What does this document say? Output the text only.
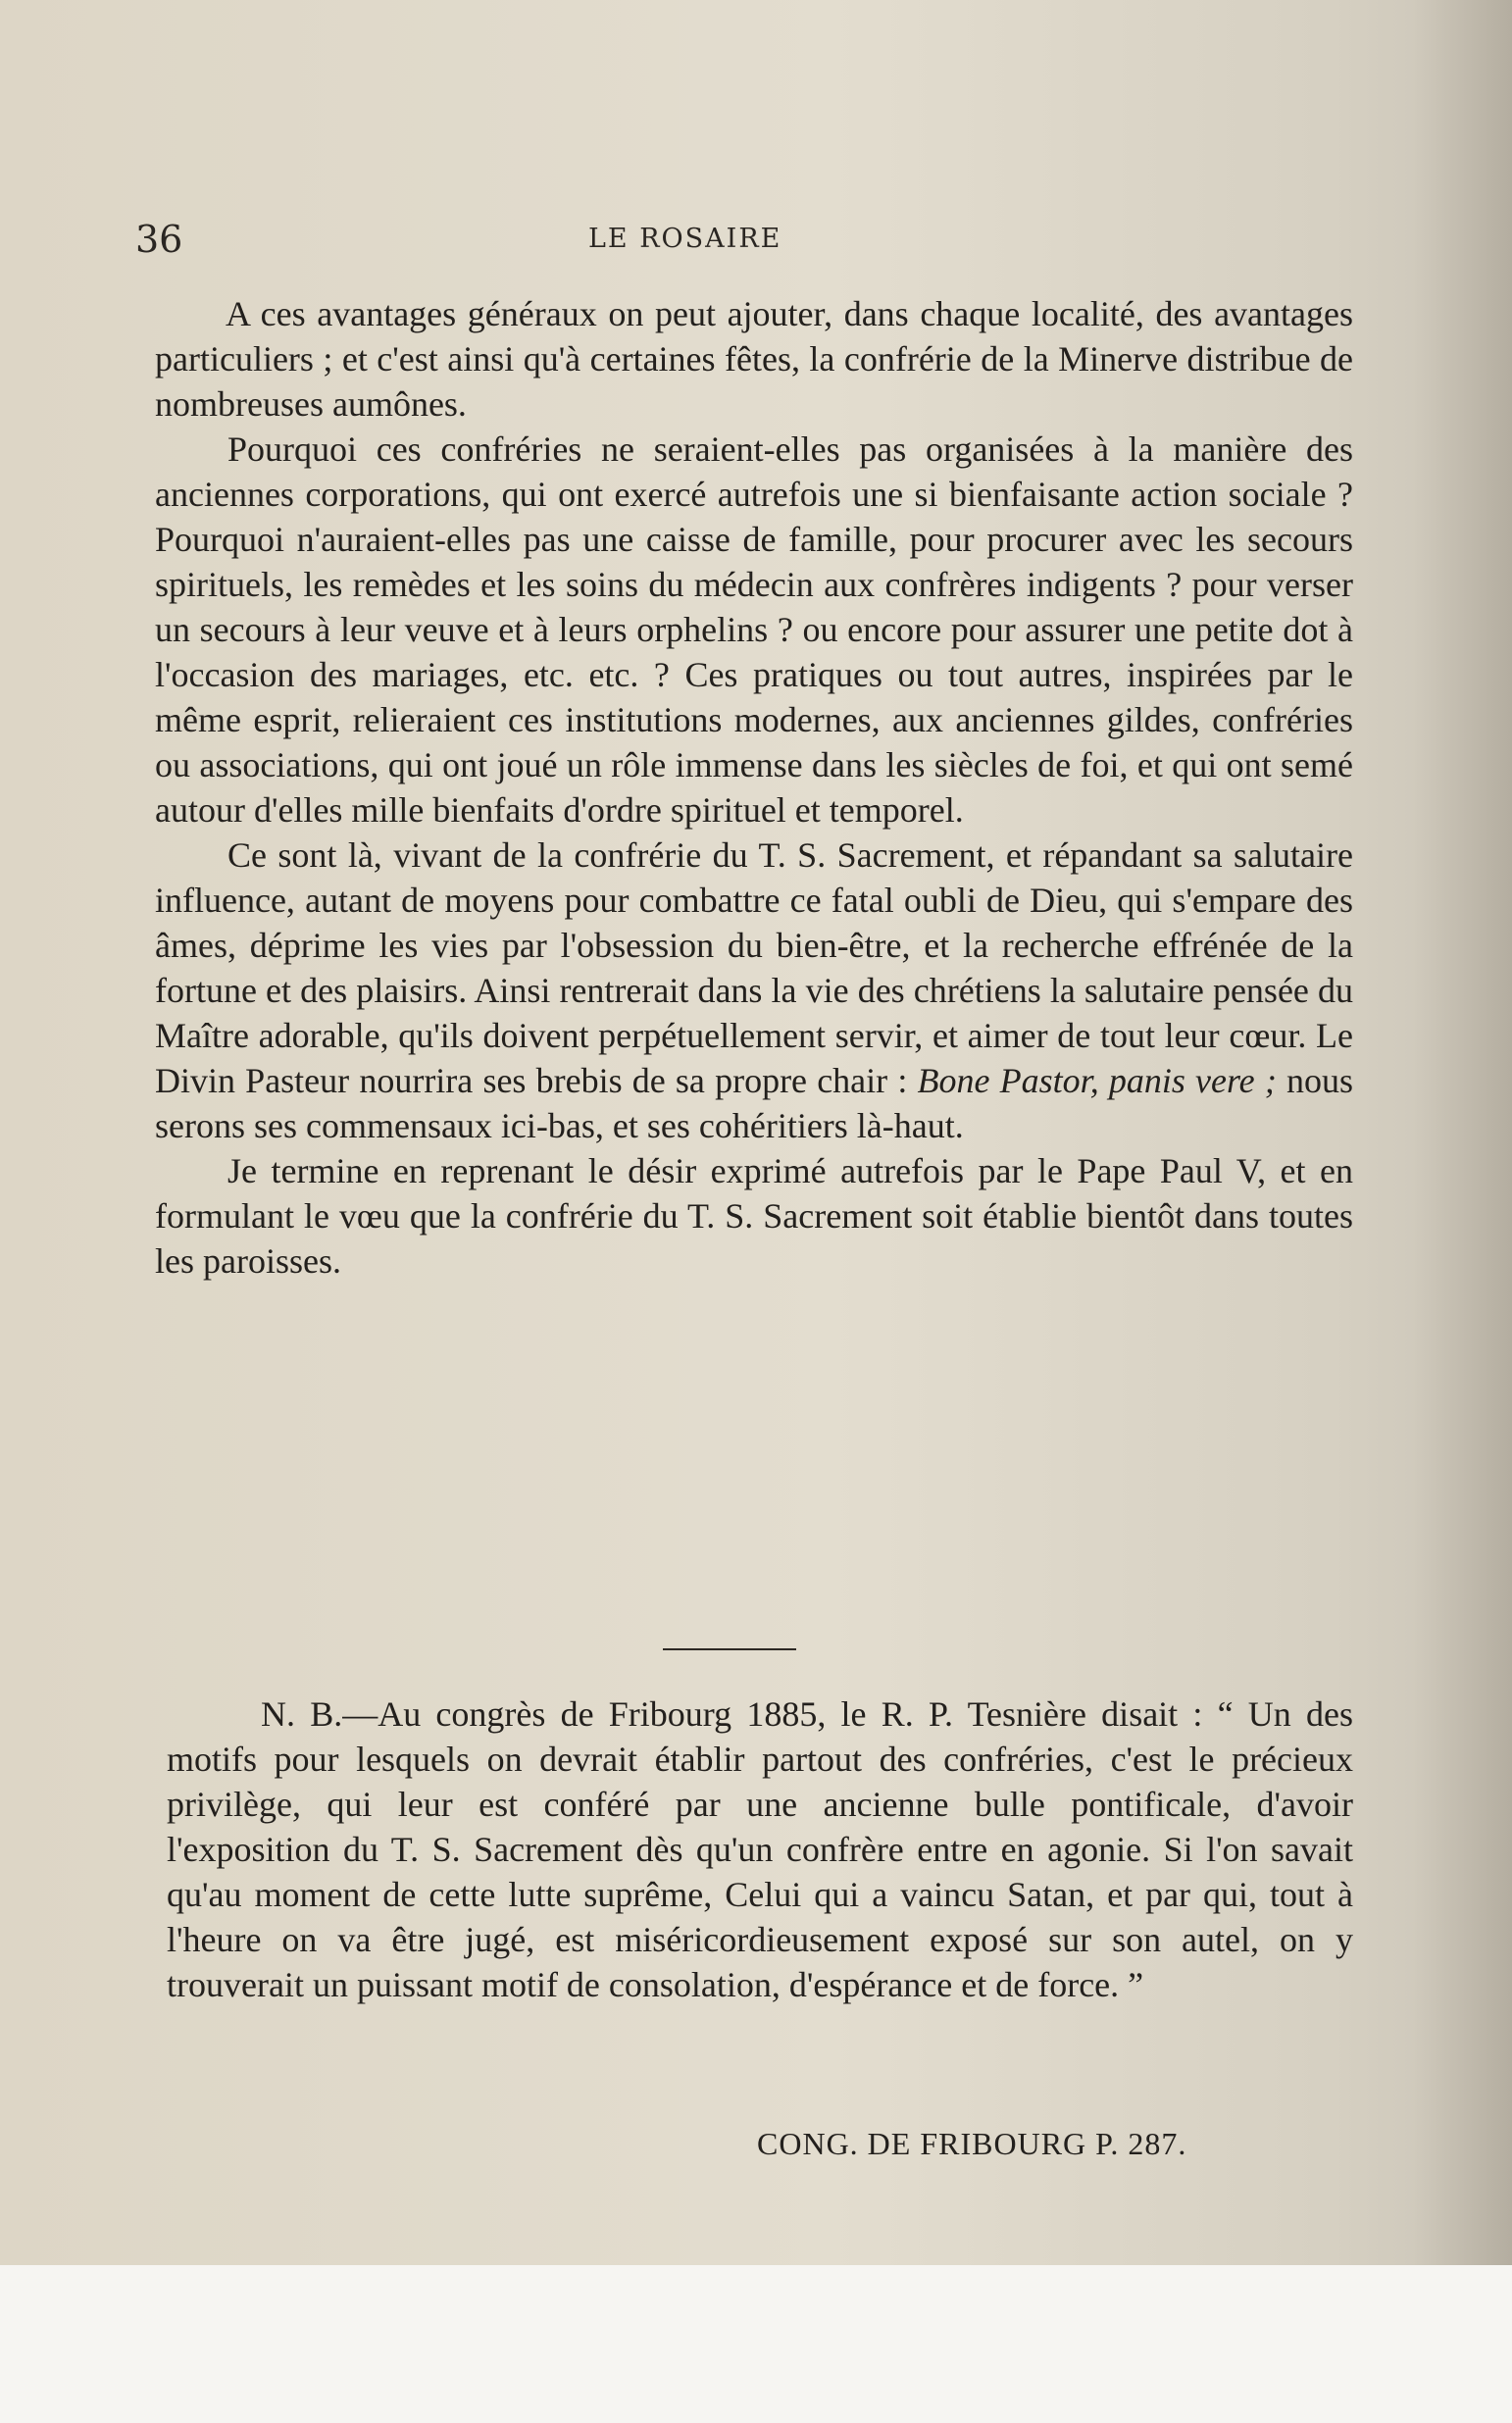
36	LE ROSAIRE

A ces avantages généraux on peut ajouter, dans chaque localité, des avantages particuliers ; et c'est ainsi qu'à certaines fêtes, la confrérie de la Minerve distribue de nombreuses aumônes.

Pourquoi ces confréries ne seraient-elles pas organisées à la manière des anciennes corporations, qui ont exercé autrefois une si bienfaisante action sociale ? Pourquoi n'auraient-elles pas une caisse de famille, pour procurer avec les secours spirituels, les remèdes et les soins du médecin aux confrères indigents ? pour verser un secours à leur veuve et à leurs orphelins ? ou encore pour assurer une petite dot à l'occasion des mariages, etc. etc. ? Ces pratiques ou tout autres, inspirées par le même esprit, relieraient ces institutions modernes, aux anciennes gildes, confréries ou associations, qui ont joué un rôle immense dans les siècles de foi, et qui ont semé autour d'elles mille bienfaits d'ordre spirituel et temporel.

Ce sont là, vivant de la confrérie du T. S. Sacrement, et répandant sa salutaire influence, autant de moyens pour combattre ce fatal oubli de Dieu, qui s'empare des âmes, déprime les vies par l'obsession du bien-être, et la recherche effrénée de la fortune et des plaisirs. Ainsi rentrerait dans la vie des chrétiens la salutaire pensée du Maître adorable, qu'ils doivent perpétuellement servir, et aimer de tout leur cœur. Le Divin Pasteur nourrira ses brebis de sa propre chair : Bone Pastor, panis vere ; nous serons ses commensaux ici-bas, et ses cohéritiers là-haut.

Je termine en reprenant le désir exprimé autrefois par le Pape Paul V, et en formulant le vœu que la confrérie du T. S. Sacrement soit établie bientôt dans toutes les paroisses.

N. B.—Au congrès de Fribourg 1885, le R. P. Tesnière disait : “ Un des motifs pour lesquels on devrait établir partout des confréries, c'est le précieux privilège, qui leur est conféré par une ancienne bulle pontificale, d'avoir l'exposition du T. S. Sacrement dès qu'un confrère entre en agonie. Si l'on savait qu'au moment de cette lutte suprême, Celui qui a vaincu Satan, et par qui, tout à l'heure on va être jugé, est miséricordieusement exposé sur son autel, on y trouverait un puissant motif de consolation, d'espérance et de force. ”

CONG. DE FRIBOURG P. 287.
